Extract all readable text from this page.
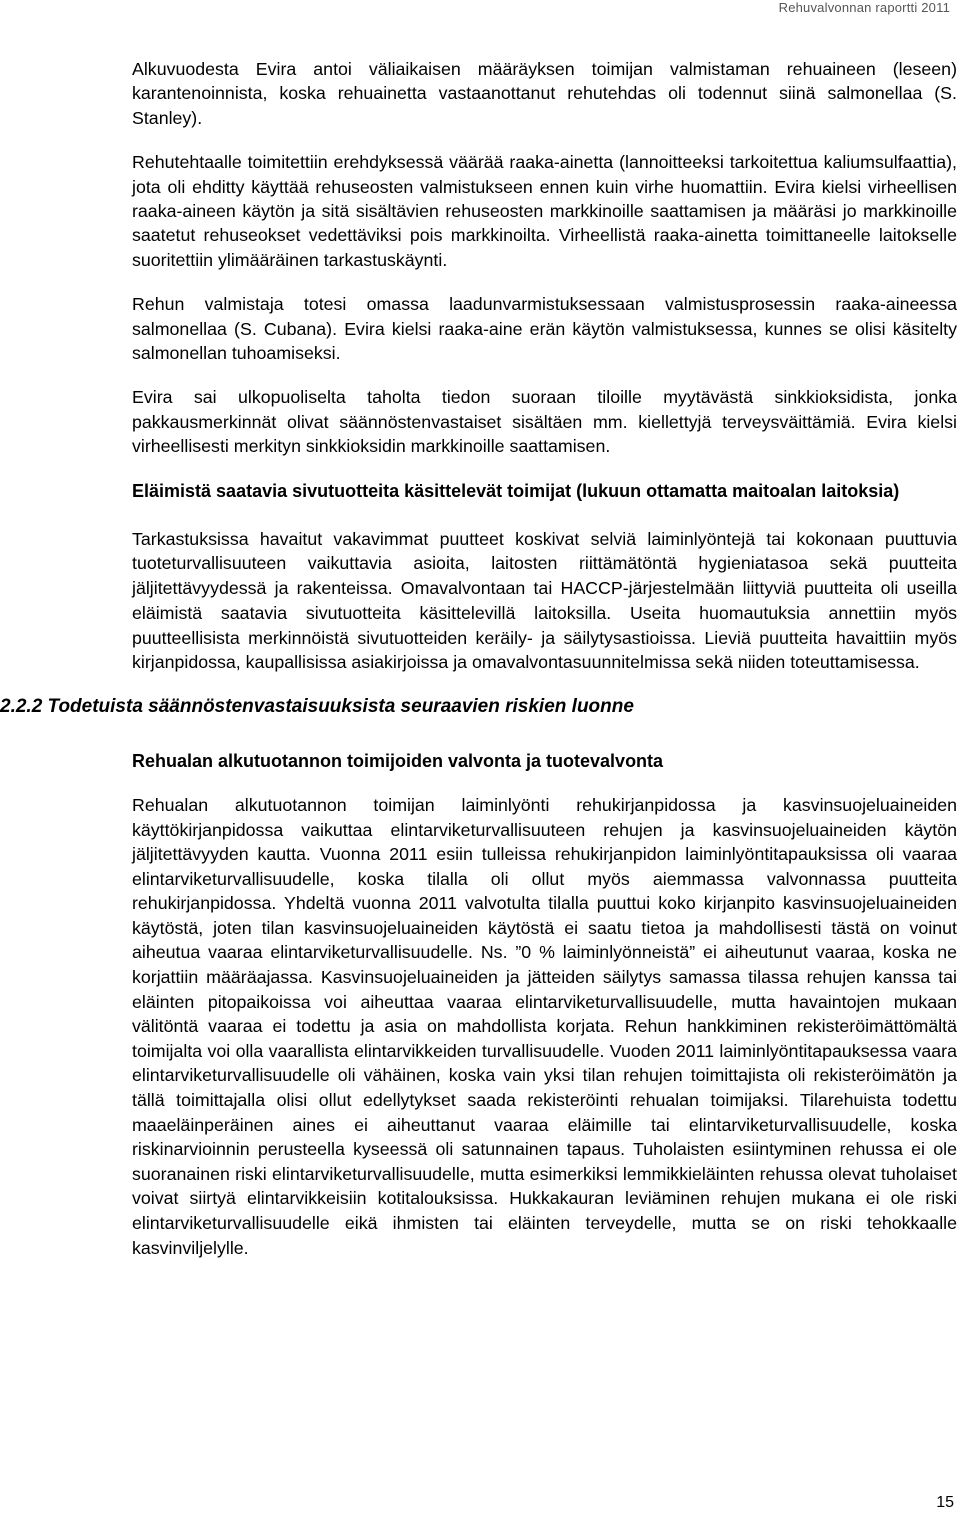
Rehuvalvonnan raportti 2011

Alkuvuodesta Evira antoi väliaikaisen määräyksen toimijan valmistaman rehuaineen (leseen) karantenoinnista, koska rehuainetta vastaanottanut rehutehdas oli todennut siinä salmonellaa (S. Stanley).

Rehutehtaalle toimitettiin erehdyksessä väärää raaka-ainetta (lannoitteeksi tarkoitettua kaliumsulfaattia), jota oli ehditty käyttää rehuseosten valmistukseen ennen kuin virhe huomattiin. Evira kielsi virheellisen raaka-aineen käytön ja sitä sisältävien rehuseosten markkinoille saattamisen ja määräsi jo markkinoille saatetut rehuseokset vedettäviksi pois markkinoilta. Virheellistä raaka-ainetta toimittaneelle laitokselle suoritettiin ylimääräinen tarkastuskäynti.

Rehun valmistaja totesi omassa laadunvarmistuksessaan valmistusprosessin raaka-aineessa salmonellaa (S. Cubana). Evira kielsi raaka-aine erän käytön valmistuksessa, kunnes se olisi käsitelty salmonellan tuhoamiseksi.

Evira sai ulkopuoliselta taholta tiedon suoraan tiloille myytävästä sinkkioksidista, jonka pakkausmerkinnät olivat säännöstenvastaiset sisältäen mm. kiellettyjä terveysväittämiä. Evira kielsi virheellisesti merkityn sinkkioksidin markkinoille saattamisen.

Eläimistä saatavia sivutuotteita käsittelevät toimijat (lukuun ottamatta maitoalan laitoksia)

Tarkastuksissa havaitut vakavimmat puutteet koskivat selviä laiminlyöntejä tai kokonaan puuttuvia tuoteturvallisuuteen vaikuttavia asioita, laitosten riittämätöntä hygieniatasoa sekä puutteita jäljitettävyydessä ja rakenteissa. Omavalvontaan tai HACCP-järjestelmään liittyviä puutteita oli useilla eläimistä saatavia sivutuotteita käsittelevillä laitoksilla. Useita huomautuksia annettiin myös puutteellisista merkinnöistä sivutuotteiden keräily- ja säilytysastioissa. Lieviä puutteita havaittiin myös kirjanpidossa, kaupallisissa asiakirjoissa ja omavalvontasuunnitelmissa sekä niiden toteuttamisessa.

2.2.2 Todetuista säännöstenvastaisuuksista seuraavien riskien luonne
Rehualan alkutuotannon toimijoiden valvonta ja tuotevalvonta

Rehualan alkutuotannon toimijan laiminlyönti rehukirjanpidossa ja kasvinsuojeluaineiden käyttökirjanpidossa vaikuttaa elintarviketurvallisuuteen rehujen ja kasvinsuojeluaineiden käytön jäljitettävyyden kautta. Vuonna 2011 esiin tulleissa rehukirjanpidon laiminlyöntitapauksissa oli vaaraa elintarviketurvallisuudelle, koska tilalla oli ollut myös aiemmassa valvonnassa puutteita rehukirjanpidossa. Yhdeltä vuonna 2011 valvotulta tilalla puuttui koko kirjanpito kasvinsuojeluaineiden käytöstä, joten tilan kasvinsuojeluaineiden käytöstä ei saatu tietoa ja mahdollisesti tästä on voinut aiheutua vaaraa elintarviketurvallisuudelle. Ns. ”0 % laiminlyönneistä” ei aiheutunut vaaraa, koska ne korjattiin määräajassa. Kasvinsuojeluaineiden ja jätteiden säilytys samassa tilassa rehujen kanssa tai eläinten pitopaikoissa voi aiheuttaa vaaraa elintarviketurvallisuudelle, mutta havaintojen mukaan välitöntä vaaraa ei todettu ja asia on mahdollista korjata. Rehun hankkiminen rekisteröimättömältä toimijalta voi olla vaarallista elintarvikkeiden turvallisuudelle. Vuoden 2011 laiminlyöntitapauksessa vaara elintarviketurvallisuudelle oli vähäinen, koska vain yksi tilan rehujen toimittajista oli rekisteröimätön ja tällä toimittajalla olisi ollut edellytykset saada rekisteröinti rehualan toimijaksi. Tilarehuista todettu maaeläinperäinen aines ei aiheuttanut vaaraa eläimille tai elintarviketurvallisuudelle, koska riskinarvioinnin perusteella kyseessä oli satunnainen tapaus. Tuholaisten esiintyminen rehussa ei ole suoranainen riski elintarviketurvallisuudelle, mutta esimerkiksi lemmikkieläinten rehussa olevat tuholaiset voivat siirtyä elintarvikkeisiin kotitalouksissa. Hukkakauran leviäminen rehujen mukana ei ole riski elintarviketurvallisuudelle eikä ihmisten tai eläinten terveydelle, mutta se on riski tehokkaalle kasvinviljelylle.

15
